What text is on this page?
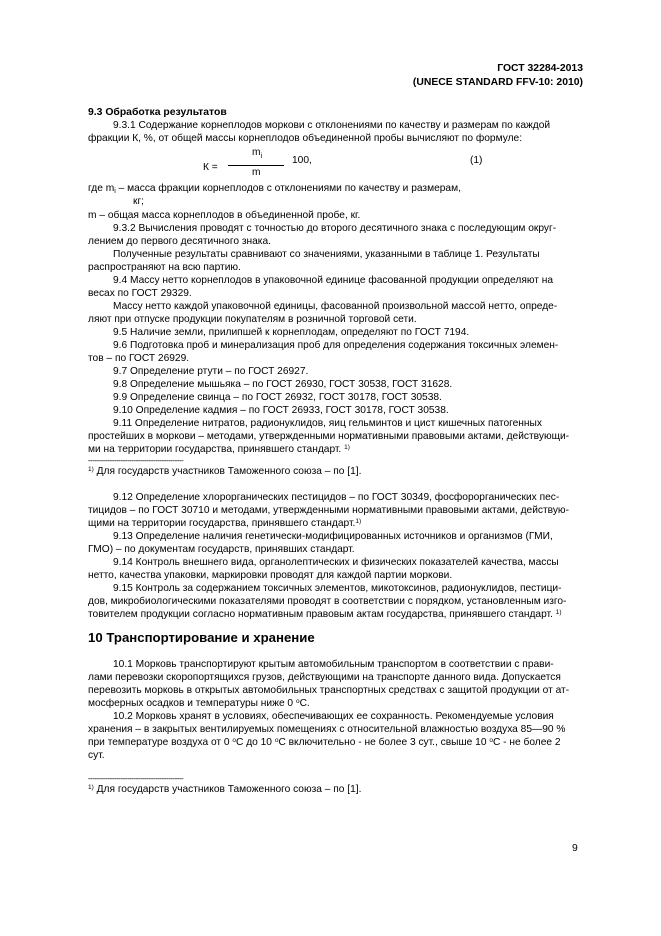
ГОСТ 32284-2013
(UNECE STANDARD FFV-10: 2010)
9.3 Обработка результатов
9.3.1 Содержание корнеплодов моркови с отклонениями по качеству и размерам по каждой
фракции К, %, от общей массы корнеплодов объединенной пробы вычисляют по формуле:
$m^i$
К =
100,	(1)
m
где $m^i$ – масса фракции корнеплодов с отклонениями по качеству и размерам,
кг;
m – общая масса корнеплодов в объединенной пробе, кг.
9.3.2 Вычисления проводят с точностью до второго десятичного знака с последующим округ-
лением до первого десятичного знака.
Полученные результаты сравнивают со значениями, указанными в таблице 1. Результаты
распространяют на всю партию.
9.4 Массу нетто корнеплодов в упаковочной единице фасованной продукции определяют на
весах по ГОСТ 29329.
Массу нетто каждой упаковочной единицы, фасованной произвольной массой нетто, опреде-
ляют при отпуске продукции покупателям в розничной торговой сети.
9.5 Наличие земли, прилипшей к корнеплодам, определяют по ГОСТ 7194.
9.6 Подготовка проб и минерализация проб для определения содержания токсичных элемен-
тов – по ГОСТ 26929.
9.7 Определение ртути – по ГОСТ 26927.
9.8 Определение мышьяка – по ГОСТ 26930, ГОСТ 30538, ГОСТ 31628.
9.9 Определение свинца – по ГОСТ 26932, ГОСТ 30178, ГОСТ 30538.
9.10 Определение кадмия – по ГОСТ 26933, ГОСТ 30178, ГОСТ 30538.
9.11 Определение нитратов, радионуклидов, яиц гельминтов и цист кишечных патогенных
простейших в моркови – методами, утвержденными нормативными правовыми актами, действующи-
ми на территории государства, принявшего стандарт. $^{1)}$
--------------------------------------------
$^{1)}$ Для государств участников Таможенного союза – по [1].
9.12 Определение хлорорганических пестицидов – по ГОСТ 30349, фосфорорганических пес-
тицидов – по ГОСТ 30710 и методами, утвержденными нормативными правовыми актами, действую-
щими на территории государства, принявшего стандарт.$^{1)}$
9.13 Определение наличия генетически-модифицированных источников и организмов (ГМИ,
ГМО) – по документам государств, принявших стандарт.
9.14 Контроль внешнего вида, органолептических и физических показателей качества, массы
нетто, качества упаковки, маркировки проводят для каждой партии моркови.
9.15 Контроль за содержанием токсичных элементов, микотоксинов, радионуклидов, пестици-
дов, микробиологическими показателями проводят в соответствии с порядком, установленным изго-
товителем продукции согласно нормативным правовым актам государства, принявшего стандарт. $^{1)}$
10 Транспортирование и хранение
10.1 Морковь транспортируют крытым автомобильным транспортом в соответствии с прави-
лами перевозки скоропортящихся грузов, действующими на транспорте данного вида. Допускается
перевозить морковь в открытых автомобильных транспортных средствах с защитой продукции от ат-
мосферных осадков и температуры ниже 0 $^о$С.
10.2 Морковь хранят в условиях, обеспечивающих ее сохранность. Рекомендуемые условия
хранения – в закрытых вентилируемых помещениях с относительной влажностью воздуха 85—90 %
при температуре воздуха от 0 $^о$С до 10 $^о$С включительно - не более 3 сут., свыше 10 $^о$С - не более 2
сут.
--------------------------------------------
$^{1)}$ Для государств участников Таможенного союза – по [1].
9
